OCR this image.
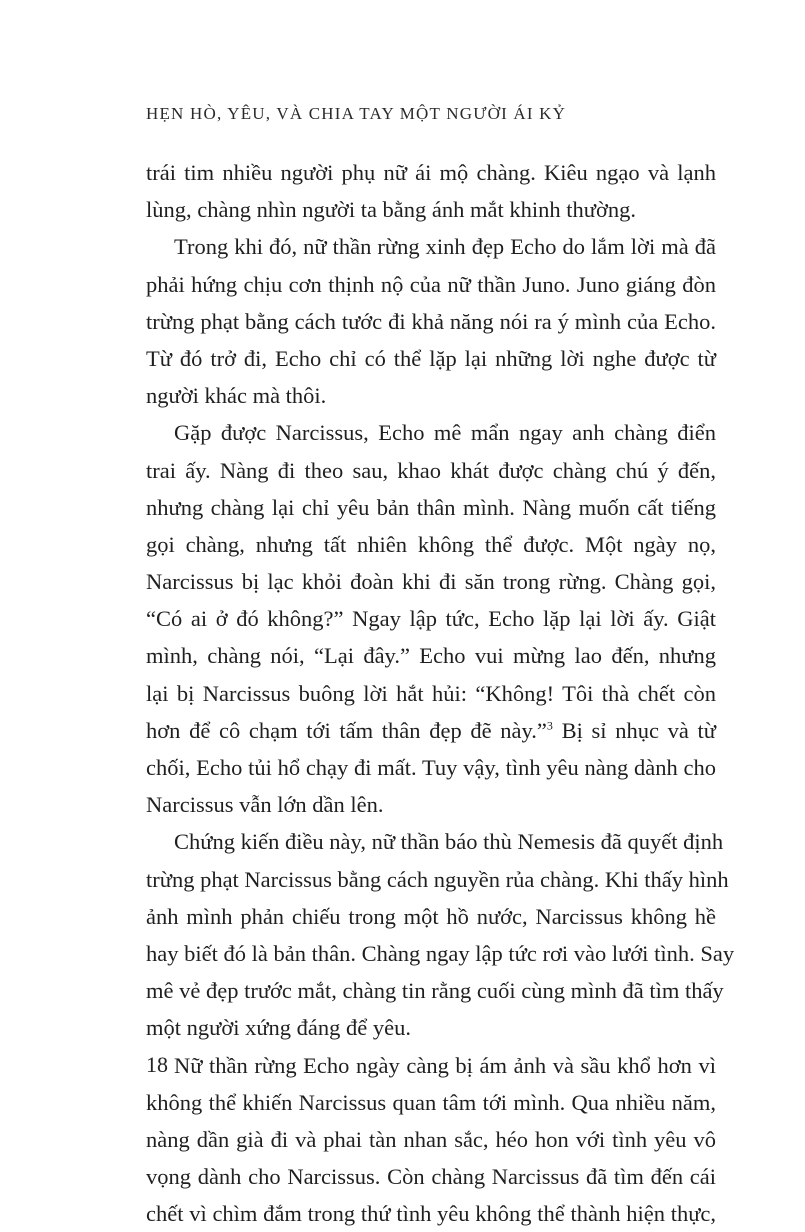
HẸN HÒ, YÊU, VÀ CHIA TAY MỘT NGƯỜI ÁI KỶ
trái tim nhiều người phụ nữ ái mộ chàng. Kiêu ngạo và lạnh
lùng, chàng nhìn người ta bằng ánh mắt khinh thường.
Trong khi đó, nữ thần rừng xinh đẹp Echo do lắm lời mà đã
phải hứng chịu cơn thịnh nộ của nữ thần Juno. Juno giáng đòn
trừng phạt bằng cách tước đi khả năng nói ra ý mình của Echo.
Từ đó trở đi, Echo chỉ có thể lặp lại những lời nghe được từ
người khác mà thôi.
Gặp được Narcissus, Echo mê mẩn ngay anh chàng điển
trai ấy. Nàng đi theo sau, khao khát được chàng chú ý đến,
nhưng chàng lại chỉ yêu bản thân mình. Nàng muốn cất tiếng
gọi chàng, nhưng tất nhiên không thể được. Một ngày nọ,
Narcissus bị lạc khỏi đoàn khi đi săn trong rừng. Chàng gọi,
“Có ai ở đó không?” Ngay lập tức, Echo lặp lại lời ấy. Giật
mình, chàng nói, “Lại đây.” Echo vui mừng lao đến, nhưng
lại bị Narcissus buông lời hắt hủi: “Không! Tôi thà chết còn
hơn để cô chạm tới tấm thân đẹp đẽ này.”$^3$ Bị sỉ nhục và từ
chối, Echo tủi hổ chạy đi mất. Tuy vậy, tình yêu nàng dành cho
Narcissus vẫn lớn dần lên.
Chứng kiến điều này, nữ thần báo thù Nemesis đã quyết định
trừng phạt Narcissus bằng cách nguyền rủa chàng. Khi thấy hình
ảnh mình phản chiếu trong một hồ nước, Narcissus không hề
hay biết đó là bản thân. Chàng ngay lập tức rơi vào lưới tình. Say
mê vẻ đẹp trước mắt, chàng tin rằng cuối cùng mình đã tìm thấy
một người xứng đáng để yêu.
Nữ thần rừng Echo ngày càng bị ám ảnh và sầu khổ hơn vì
không thể khiến Narcissus quan tâm tới mình. Qua nhiều năm,
nàng dần già đi và phai tàn nhan sắc, héo hon với tình yêu vô
vọng dành cho Narcissus. Còn chàng Narcissus đã tìm đến cái
chết vì chìm đắm trong thứ tình yêu không thể thành hiện thực,
18
